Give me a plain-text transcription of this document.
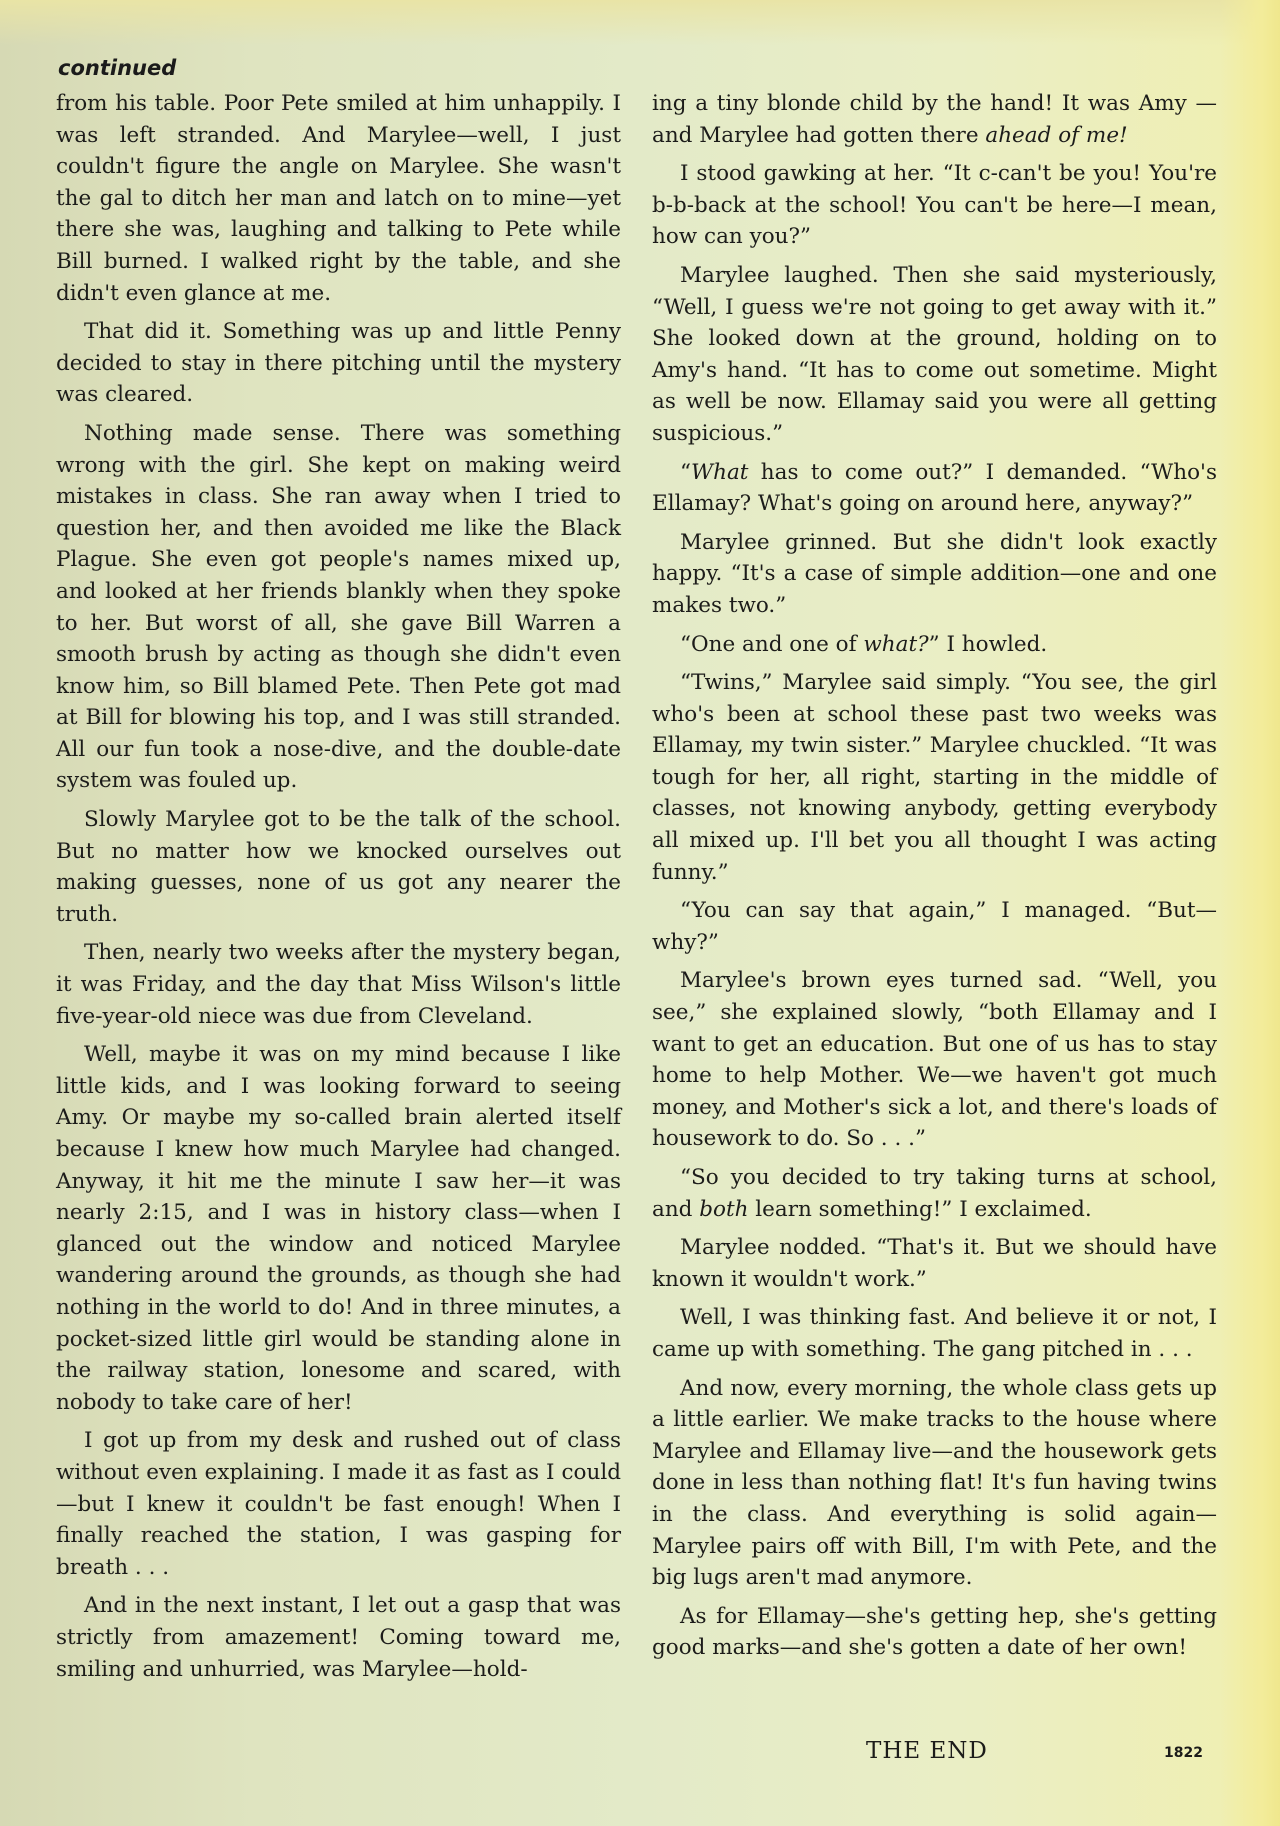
continued

from his table. Poor Pete smiled at him unhappily. I was left stranded. And Marylee—well, I just couldn't figure the angle on Marylee. She wasn't the gal to ditch her man and latch on to mine—yet there she was, laughing and talking to Pete while Bill burned. I walked right by the table, and she didn't even glance at me.

That did it. Something was up and little Penny decided to stay in there pitching until the mystery was cleared.

Nothing made sense. There was something wrong with the girl. She kept on making weird mistakes in class. She ran away when I tried to question her, and then avoided me like the Black Plague. She even got people's names mixed up, and looked at her friends blankly when they spoke to her. But worst of all, she gave Bill Warren a smooth brush by acting as though she didn't even know him, so Bill blamed Pete. Then Pete got mad at Bill for blowing his top, and I was still stranded. All our fun took a nose-dive, and the double-date system was fouled up.

Slowly Marylee got to be the talk of the school. But no matter how we knocked ourselves out making guesses, none of us got any nearer the truth.

Then, nearly two weeks after the mystery began, it was Friday, and the day that Miss Wilson's little five-year-old niece was due from Cleveland.

Well, maybe it was on my mind because I like little kids, and I was looking forward to seeing Amy. Or maybe my so-called brain alerted itself because I knew how much Marylee had changed. Anyway, it hit me the minute I saw her—it was nearly 2:15, and I was in history class—when I glanced out the window and noticed Marylee wandering around the grounds, as though she had nothing in the world to do! And in three minutes, a pocket-sized little girl would be standing alone in the railway station, lonesome and scared, with nobody to take care of her!

I got up from my desk and rushed out of class without even explaining. I made it as fast as I could—but I knew it couldn't be fast enough! When I finally reached the station, I was gasping for breath . . .

And in the next instant, I let out a gasp that was strictly from amazement! Coming toward me, smiling and unhurried, was Marylee—hold-

ing a tiny blonde child by the hand! It was Amy — and Marylee had gotten there ahead of me!

I stood gawking at her. “It c-can't be you! You're b-b-back at the school! You can't be here—I mean, how can you?”

Marylee laughed. Then she said mysteriously, “Well, I guess we're not going to get away with it.” She looked down at the ground, holding on to Amy's hand. “It has to come out sometime. Might as well be now. Ellamay said you were all getting suspicious.”

“What has to come out?” I demanded. “Who's Ellamay? What's going on around here, anyway?”

Marylee grinned. But she didn't look exactly happy. “It's a case of simple addition—one and one makes two.”

“One and one of what?” I howled.

“Twins,” Marylee said simply. “You see, the girl who's been at school these past two weeks was Ellamay, my twin sister.” Marylee chuckled. “It was tough for her, all right, starting in the middle of classes, not knowing anybody, getting everybody all mixed up. I'll bet you all thought I was acting funny.”

“You can say that again,” I managed. “But—why?”

Marylee's brown eyes turned sad. “Well, you see,” she explained slowly, “both Ellamay and I want to get an education. But one of us has to stay home to help Mother. We—we haven't got much money, and Mother's sick a lot, and there's loads of housework to do. So . . .”

“So you decided to try taking turns at school, and both learn something!” I exclaimed.

Marylee nodded. “That's it. But we should have known it wouldn't work.”

Well, I was thinking fast. And believe it or not, I came up with something. The gang pitched in . . .

And now, every morning, the whole class gets up a little earlier. We make tracks to the house where Marylee and Ellamay live—and the housework gets done in less than nothing flat! It's fun having twins in the class. And everything is solid again—Marylee pairs off with Bill, I'm with Pete, and the big lugs aren't mad anymore.

As for Ellamay—she's getting hep, she's getting good marks—and she's gotten a date of her own!

THE END	1822
